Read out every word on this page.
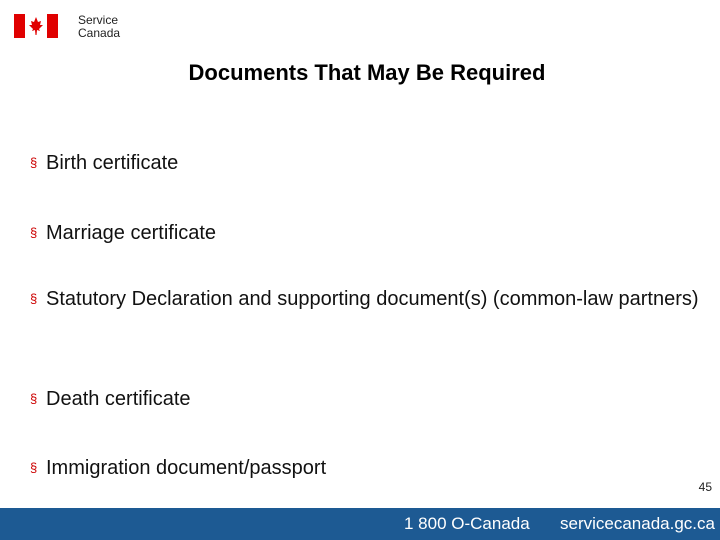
Service
Canada
Documents That May Be Required
§ Birth certificate
§ Marriage certificate
§ Statutory Declaration and supporting document(s) (common-law partners)
§ Death certificate
§ Immigration document/passport
45
1 800 O-Canada servicecanada.gc.ca
